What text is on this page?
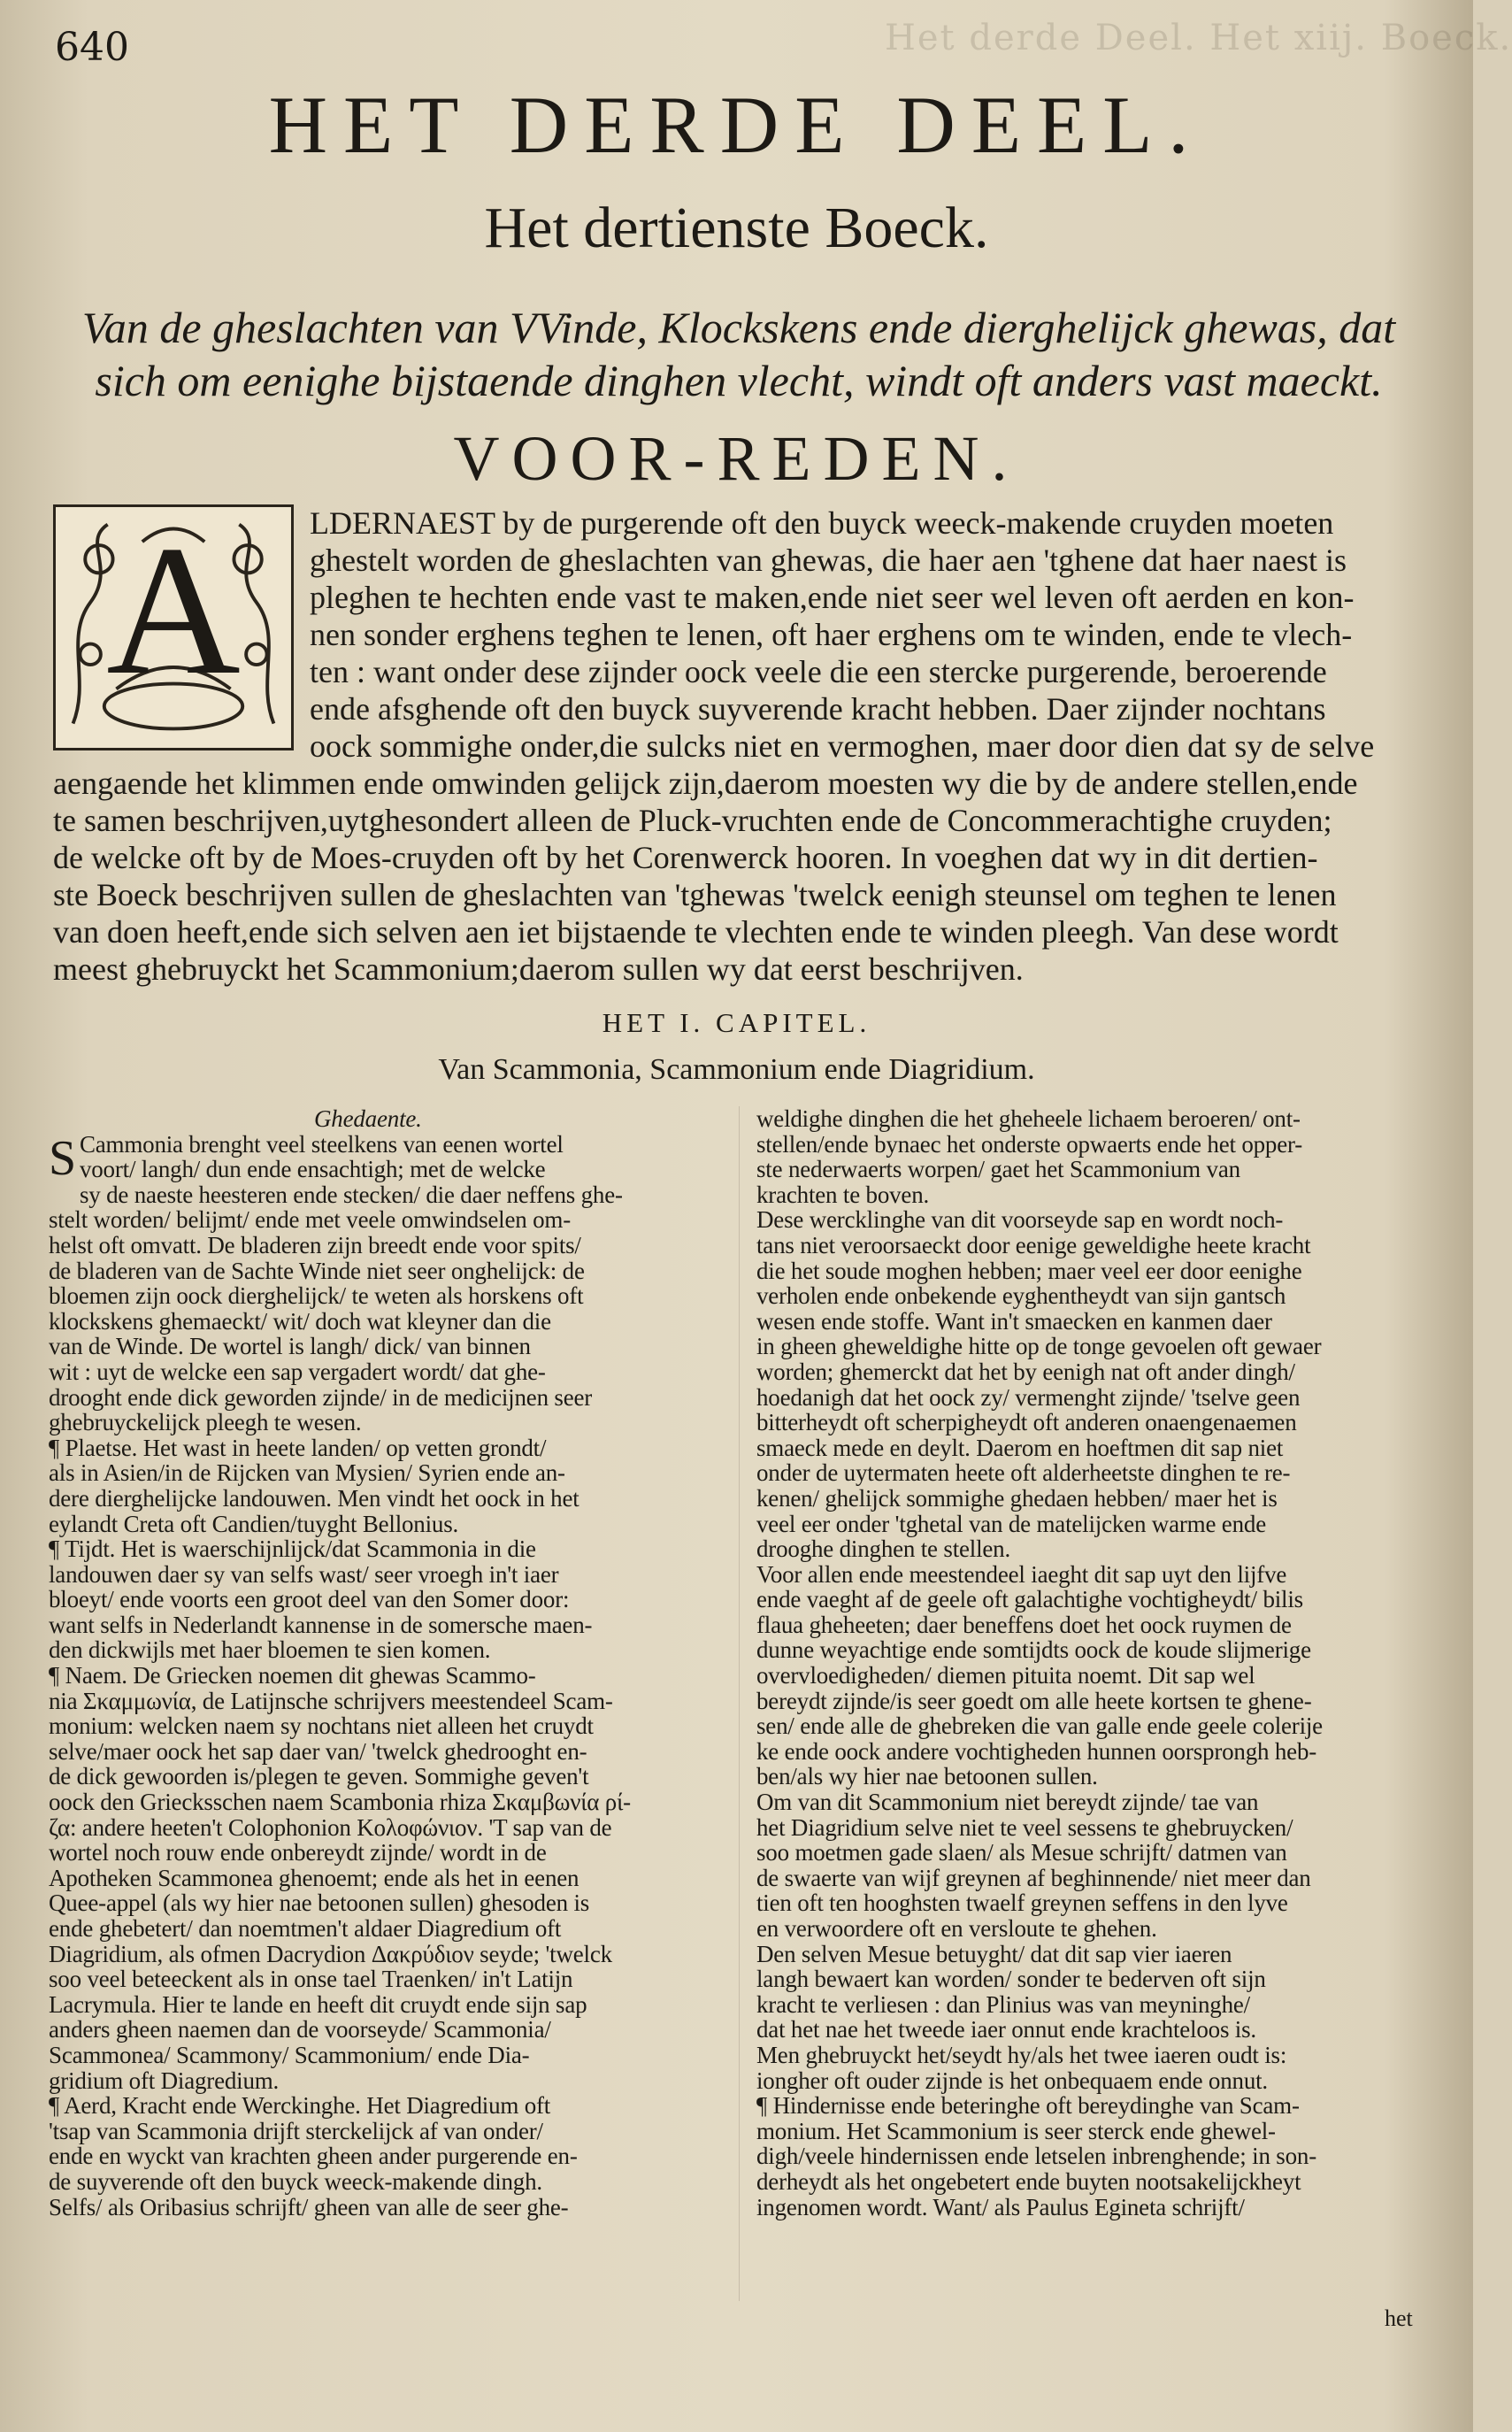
Het derde Deel. Het xiij. Boeck.
640
HET DERDE DEEL.
Het dertienste Boeck.
Van de gheslachten van VVinde, Klockskens ende dierghelijck ghewas, dat
sich om eenighe bijstaende dinghen vlecht, windt oft anders vast maeckt.
VOOR-REDEN.
A	LDERNAEST by de purgerende oft den buyck weeck-makende cruyden moeten
ghestelt worden de gheslachten van ghewas, die haer aen 'tghene dat haer naest is
pleghen te hechten ende vast te maken,ende niet seer wel leven oft aerden en kon-
nen sonder erghens teghen te lenen, oft haer erghens om te winden, ende te vlech-
ten : want onder dese zijnder oock veele die een stercke purgerende, beroerende
ende afsghende oft den buyck suyverende kracht hebben. Daer zijnder nochtans
oock sommighe onder,die sulcks niet en vermoghen, maer door dien dat sy de selve
aengaende het klimmen ende omwinden gelijck zijn,daerom moesten wy die by de andere stellen,ende
te samen beschrijven,uytghesondert alleen de Pluck-vruchten ende de Concommerachtighe cruyden;
de welcke oft by de Moes-cruyden oft by het Corenwerck hooren. In voeghen dat wy in dit dertien-
ste Boeck beschrijven sullen de gheslachten van 'tghewas 'twelck eenigh steunsel om teghen te lenen
van doen heeft,ende sich selven aen iet bijstaende te vlechten ende te winden pleegh. Van dese wordt
meest ghebruyckt het Scammonium;daerom sullen wy dat eerst beschrijven.
HET I. CAPITEL.
Van Scammonia, Scammonium ende Diagridium.
Ghedaente.
S Cammonia brenght veel steelkens van eenen wortel
voort/ langh/ dun ende ensachtigh; met de welcke
sy de naeste heesteren ende stecken/ die daer neffens ghe-
stelt worden/ belijmt/ ende met veele omwindselen om-
helst oft omvatt. De bladeren zijn breedt ende voor spits/
de bladeren van de Sachte Winde niet seer onghelijck: de
bloemen zijn oock dierghelijck/ te weten als horskens oft
klockskens ghemaeckt/ wit/ doch wat kleyner dan die
van de Winde. De wortel is langh/ dick/ van binnen
wit : uyt de welcke een sap vergadert wordt/ dat ghe-
drooght ende dick geworden zijnde/ in de medicijnen seer
ghebruyckelijck pleegh te wesen.
¶ Plaetse. Het wast in heete landen/ op vetten grondt/
als in Asien/in de Rijcken van Mysien/ Syrien ende an-
dere dierghelijcke landouwen. Men vindt het oock in het
eylandt Creta oft Candien/tuyght Bellonius.
¶ Tijdt. Het is waerschijnlijck/dat Scammonia in die
landouwen daer sy van selfs wast/ seer vroegh in't iaer
bloeyt/ ende voorts een groot deel van den Somer door:
want selfs in Nederlandt kannense in de somersche maen-
den dickwijls met haer bloemen te sien komen.
¶ Naem. De Griecken noemen dit ghewas Scammo-
nia Σκαμμωνία, de Latijnsche schrijvers meestendeel Scam-
monium: welcken naem sy nochtans niet alleen het cruydt
selve/maer oock het sap daer van/ 'twelck ghedrooght en-
de dick gewoorden is/plegen te geven. Sommighe geven't
oock den Griecksschen naem Scambonia rhiza Σκαμβωνία ρί-
ζα: andere heeten't Colophonion Κολοφώνιον. 'T sap van de
wortel noch rouw ende onbereydt zijnde/ wordt in de
Apotheken Scammonea ghenoemt; ende als het in eenen
Quee-appel (als wy hier nae betoonen sullen) ghesoden is
ende ghebetert/ dan noemtmen't aldaer Diagredium oft
Diagridium, als ofmen Dacrydion Δακρύδιον seyde; 'twelck
soo veel beteeckent als in onse tael Traenken/ in't Latijn
Lacrymula. Hier te lande en heeft dit cruydt ende sijn sap
anders gheen naemen dan de voorseyde/ Scammonia/
Scammonea/ Scammony/ Scammonium/ ende Dia-
gridium oft Diagredium.
¶ Aerd, Kracht ende Werckinghe. Het Diagredium oft
'tsap van Scammonia drijft sterckelijck af van onder/
ende en wyckt van krachten gheen ander purgerende en-
de suyverende oft den buyck weeck-makende dingh.
Selfs/ als Oribasius schrijft/ gheen van alle de seer ghe-
weldighe dinghen die het gheheele lichaem beroeren/ ont-
stellen/ende bynaec het onderste opwaerts ende het opper-
ste nederwaerts worpen/ gaet het Scammonium van
krachten te boven.
Dese wercklinghe van dit voorseyde sap en wordt noch-
tans niet veroorsaeckt door eenige geweldighe heete kracht
die het soude moghen hebben; maer veel eer door eenighe
verholen ende onbekende eyghentheydt van sijn gantsch
wesen ende stoffe. Want in't smaecken en kanmen daer
in gheen gheweldighe hitte op de tonge gevoelen oft gewaer
worden; ghemerckt dat het by eenigh nat oft ander dingh/
hoedanigh dat het oock zy/ vermenght zijnde/ 'tselve geen
bitterheydt oft scherpigheydt oft anderen onaengenaemen
smaeck mede en deylt. Daerom en hoeftmen dit sap niet
onder de uytermaten heete oft alderheetste dinghen te re-
kenen/ ghelijck sommighe ghedaen hebben/ maer het is
veel eer onder 'tghetal van de matelijcken warme ende
drooghe dinghen te stellen.
Voor allen ende meestendeel iaeght dit sap uyt den lijfve
ende vaeght af de geele oft galachtighe vochtigheydt/ bilis
flaua gheheeten; daer beneffens doet het oock ruymen de
dunne weyachtige ende somtijdts oock de koude slijmerige
overvloedigheden/ diemen pituita noemt. Dit sap wel
bereydt zijnde/is seer goedt om alle heete kortsen te ghene-
sen/ ende alle de ghebreken die van galle ende geele colerije
ke ende oock andere vochtigheden hunnen oorsprongh heb-
ben/als wy hier nae betoonen sullen.
Om van dit Scammonium niet bereydt zijnde/ tae van
het Diagridium selve niet te veel sessens te ghebruycken/
soo moetmen gade slaen/ als Mesue schrijft/ datmen van
de swaerte van wijf greynen af beghinnende/ niet meer dan
tien oft ten hooghsten twaelf greynen seffens in den lyve
en verwoordere oft en versloute te ghehen.
Den selven Mesue betuyght/ dat dit sap vier iaeren
langh bewaert kan worden/ sonder te bederven oft sijn
kracht te verliesen : dan Plinius was van meyninghe/
dat het nae het tweede iaer onnut ende krachteloos is.
Men ghebruyckt het/seydt hy/als het twee iaeren oudt is:
iongher oft ouder zijnde is het onbequaem ende onnut.
¶ Hindernisse ende beteringhe oft bereydinghe van Scam-
monium. Het Scammonium is seer sterck ende ghewel-
digh/veele hindernissen ende letselen inbrenghende; in son-
derheydt als het ongebetert ende buyten nootsakelijckheyt
ingenomen wordt. Want/ als Paulus Egineta schrijft/
het
